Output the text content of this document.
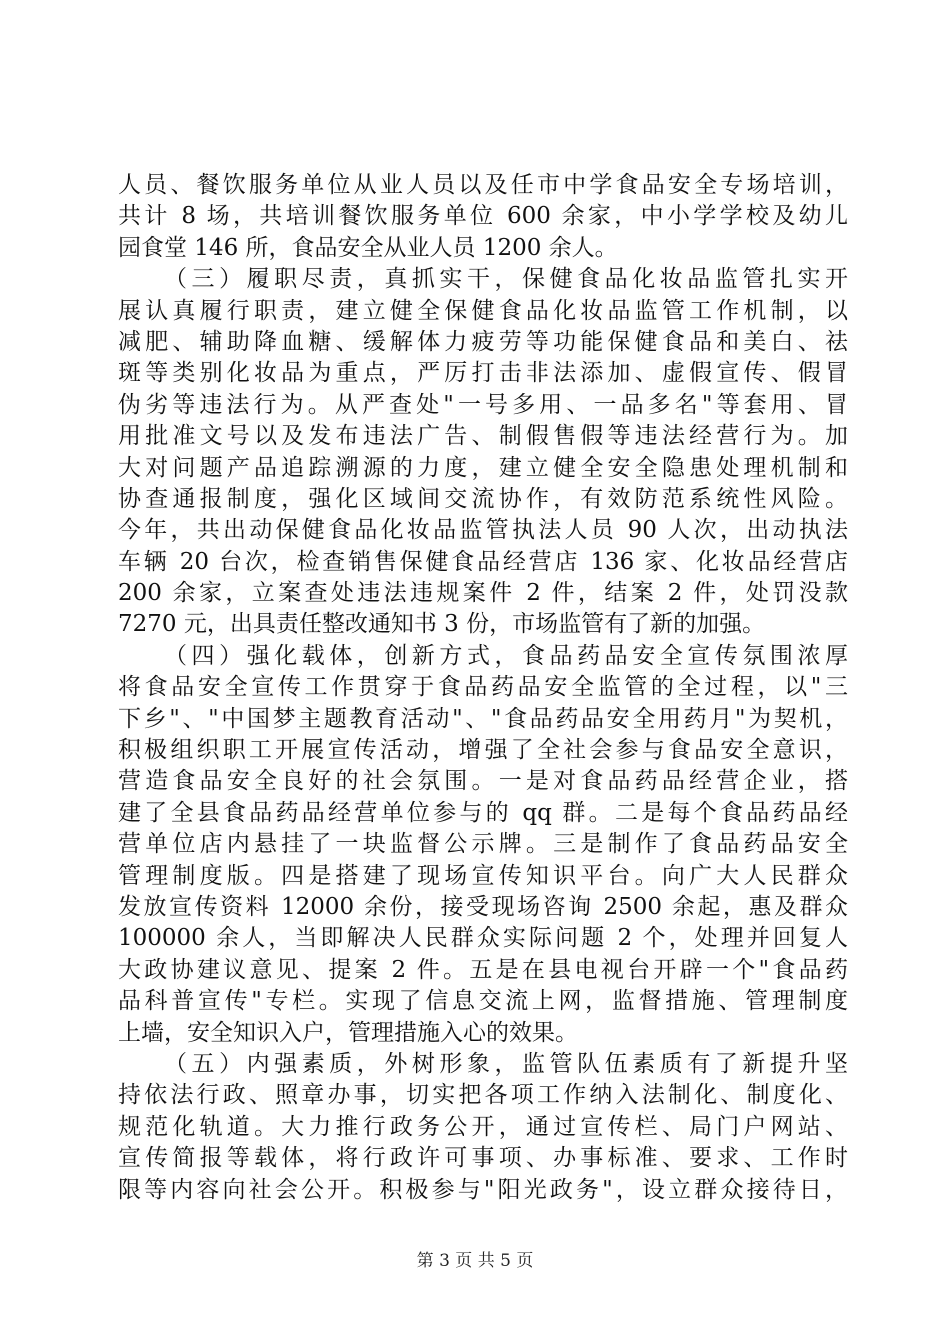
人员、餐饮服务单位从业人员以及任市中学食品安全专场培训，
共计 8 场，共培训餐饮服务单位 600 余家，中小学学校及幼儿
园食堂 146 所，食品安全从业人员 1200 余人。
（三）履职尽责，真抓实干，保健食品化妆品监管扎实开
展认真履行职责，建立健全保健食品化妆品监管工作机制，以
减肥、辅助降血糖、缓解体力疲劳等功能保健食品和美白、祛
斑等类别化妆品为重点，严厉打击非法添加、虚假宣传、假冒
伪劣等违法行为。从严查处"一号多用、一品多名"等套用、冒
用批准文号以及发布违法广告、制假售假等违法经营行为。加
大对问题产品追踪溯源的力度，建立健全安全隐患处理机制和
协查通报制度，强化区域间交流协作，有效防范系统性风险。
今年，共出动保健食品化妆品监管执法人员 90 人次，出动执法
车辆 20 台次，检查销售保健食品经营店 136 家、化妆品经营店
200 余家，立案查处违法违规案件 2 件，结案 2 件，处罚没款
7270 元，出具责任整改通知书 3 份，市场监管有了新的加强。
（四）强化载体，创新方式，食品药品安全宣传氛围浓厚
将食品安全宣传工作贯穿于食品药品安全监管的全过程，以"三
下乡"、"中国梦主题教育活动"、"食品药品安全用药月"为契机，
积极组织职工开展宣传活动，增强了全社会参与食品安全意识，
营造食品安全良好的社会氛围。一是对食品药品经营企业，搭
建了全县食品药品经营单位参与的 qq 群。二是每个食品药品经
营单位店内悬挂了一块监督公示牌。三是制作了食品药品安全
管理制度版。四是搭建了现场宣传知识平台。向广大人民群众
发放宣传资料 12000 余份，接受现场咨询 2500 余起，惠及群众
100000 余人，当即解决人民群众实际问题 2 个，处理并回复人
大政协建议意见、提案 2 件。五是在县电视台开辟一个"食品药
品科普宣传"专栏。实现了信息交流上网，监督措施、管理制度
上墙，安全知识入户，管理措施入心的效果。
（五）内强素质，外树形象，监管队伍素质有了新提升坚
持依法行政、照章办事，切实把各项工作纳入法制化、制度化、
规范化轨道。大力推行政务公开，通过宣传栏、局门户网站、
宣传简报等载体，将行政许可事项、办事标准、要求、工作时
限等内容向社会公开。积极参与"阳光政务"，设立群众接待日，
第 3 页 共 5 页
